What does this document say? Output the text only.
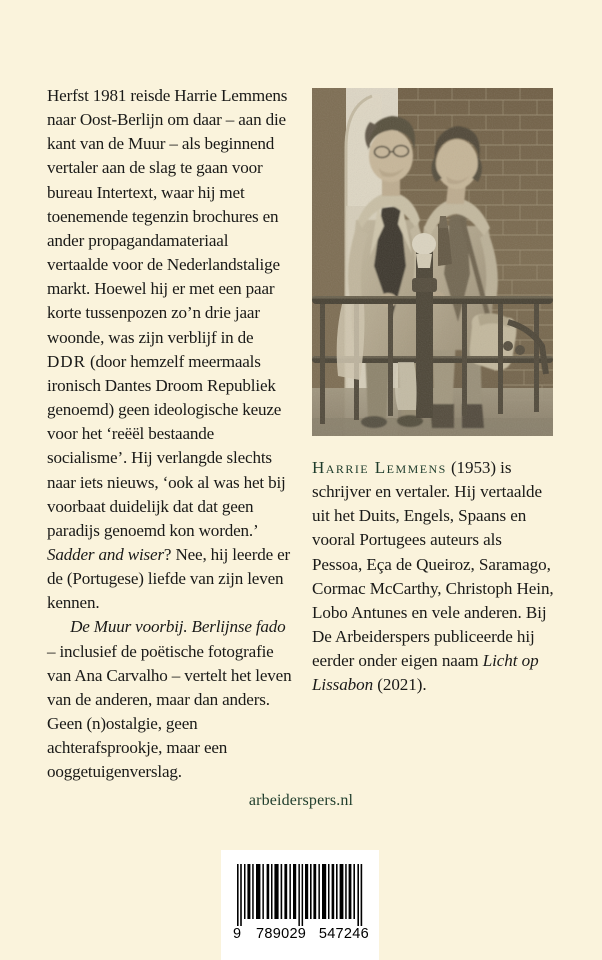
Herfst 1981 reisde Harrie Lemmens naar Oost-Berlijn om daar – aan die kant van de Muur – als beginnend vertaler aan de slag te gaan voor bureau Intertext, waar hij met toenemende tegenzin brochures en ander propagandamateriaal vertaalde voor de Nederlandstalige markt. Hoewel hij er met een paar korte tussenpozen zo’n drie jaar woonde, was zijn verblijf in de DDR (door hemzelf meermaals ironisch Dantes Droom Republiek genoemd) geen ideologische keuze voor het ‘reëël bestaande socialisme’. Hij verlangde slechts naar iets nieuws, ‘ook al was het bij voorbaat duidelijk dat dat geen paradijs genoemd kon worden.’ Sadder and wiser? Nee, hij leerde er de (Portugese) liefde van zijn leven kennen.

De Muur voorbij. Berlijnse fado – inclusief de poëtische fotografie van Ana Carvalho – vertelt het leven van de anderen, maar dan anders. Geen (n)ostalgie, geen achterafsprookje, maar een ooggetuigenverslag.

Harrie Lemmens (1953) is schrijver en vertaler. Hij vertaalde uit het Duits, Engels, Spaans en vooral Portugees auteurs als Pessoa, Eça de Queiroz, Saramago, Cormac McCarthy, Christoph Hein, Lobo Antunes en vele anderen. Bij De Arbeiderspers publiceerde hij eerder onder eigen naam Licht op Lissabon (2021).

arbeiderspers.nl
9 789029 547246
